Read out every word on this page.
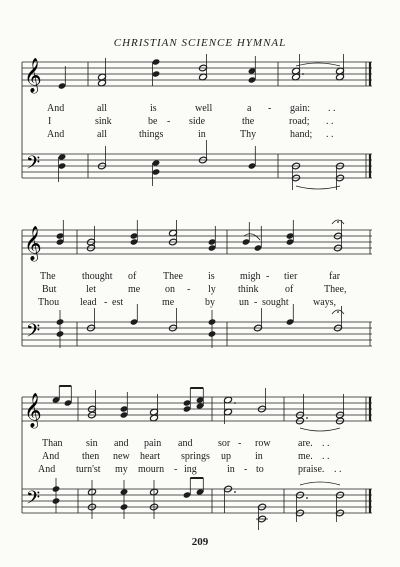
CHRISTIAN SCIENCE HYMNAL
𝄞
𝄢
And	all	is	well	a - gain: . .
I	sink	be - side	the	road; . .
And	all	things	in	Thy	hand; . .
𝄞
𝄢
The	thought of	Thee	is	migh - tier	far
But	let	me on - ly think	of	Thee,
Thou lead - est	me	by un - sought ways,
𝄞
𝄢
Than sin and pain and	sor - row	are. . .
And then new heart springs up in	me. . .
And turn'st my mourn - ing	in - to	praise. . .
209
